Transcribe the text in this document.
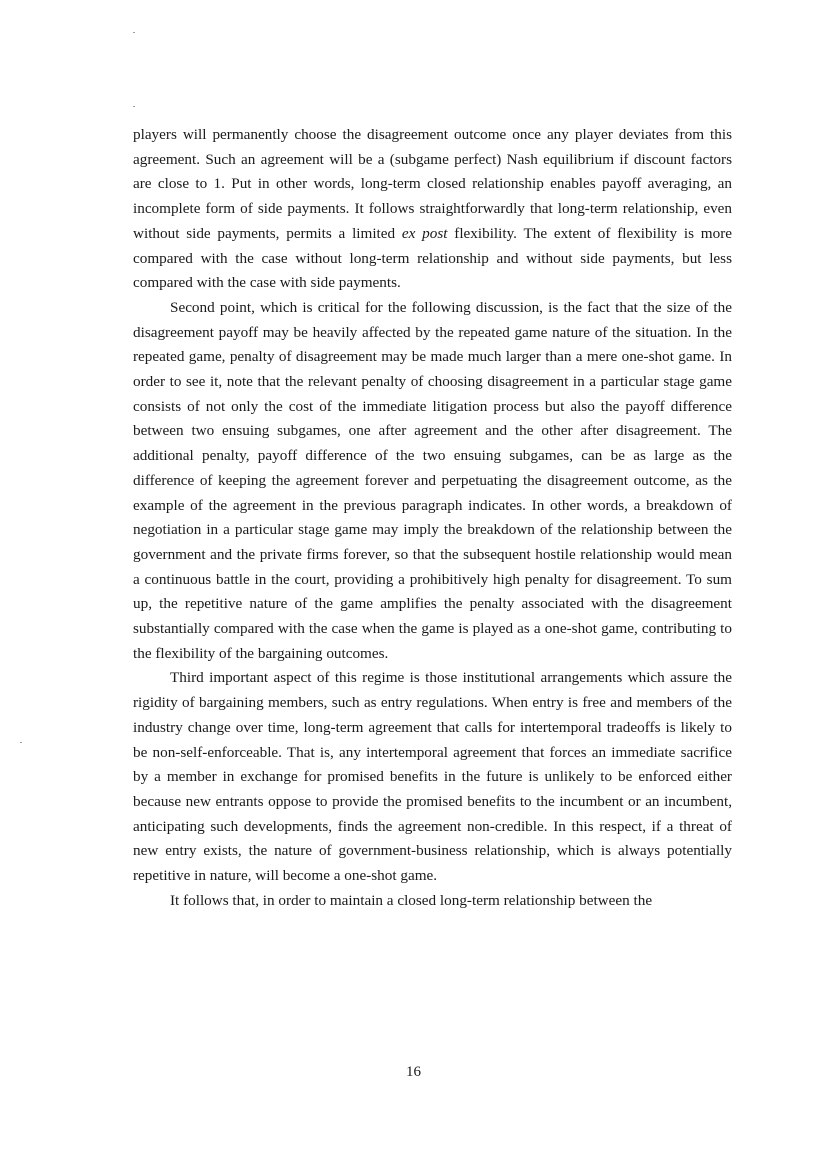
players will permanently choose the disagreement outcome once any player deviates from this agreement. Such an agreement will be a (subgame perfect) Nash equilibrium if discount factors are close to 1. Put in other words, long-term closed relationship enables payoff averaging, an incomplete form of side payments. It follows straightforwardly that long-term relationship, even without side payments, permits a limited ex post flexibility. The extent of flexibility is more compared with the case without long-term relationship and without side payments, but less compared with the case with side payments.

Second point, which is critical for the following discussion, is the fact that the size of the disagreement payoff may be heavily affected by the repeated game nature of the situation. In the repeated game, penalty of disagreement may be made much larger than a mere one-shot game. In order to see it, note that the relevant penalty of choosing disagreement in a particular stage game consists of not only the cost of the immediate litigation process but also the payoff difference between two ensuing subgames, one after agreement and the other after disagreement. The additional penalty, payoff difference of the two ensuing subgames, can be as large as the difference of keeping the agreement forever and perpetuating the disagreement outcome, as the example of the agreement in the previous paragraph indicates. In other words, a breakdown of negotiation in a particular stage game may imply the breakdown of the relationship between the government and the private firms forever, so that the subsequent hostile relationship would mean a continuous battle in the court, providing a prohibitively high penalty for disagreement. To sum up, the repetitive nature of the game amplifies the penalty associated with the disagreement substantially compared with the case when the game is played as a one-shot game, contributing to the flexibility of the bargaining outcomes.

Third important aspect of this regime is those institutional arrangements which assure the rigidity of bargaining members, such as entry regulations. When entry is free and members of the industry change over time, long-term agreement that calls for intertemporal tradeoffs is likely to be non-self-enforceable. That is, any intertemporal agreement that forces an immediate sacrifice by a member in exchange for promised benefits in the future is unlikely to be enforced either because new entrants oppose to provide the promised benefits to the incumbent or an incumbent, anticipating such developments, finds the agreement non-credible. In this respect, if a threat of new entry exists, the nature of government-business relationship, which is always potentially repetitive in nature, will become a one-shot game.

It follows that, in order to maintain a closed long-term relationship between the

16
